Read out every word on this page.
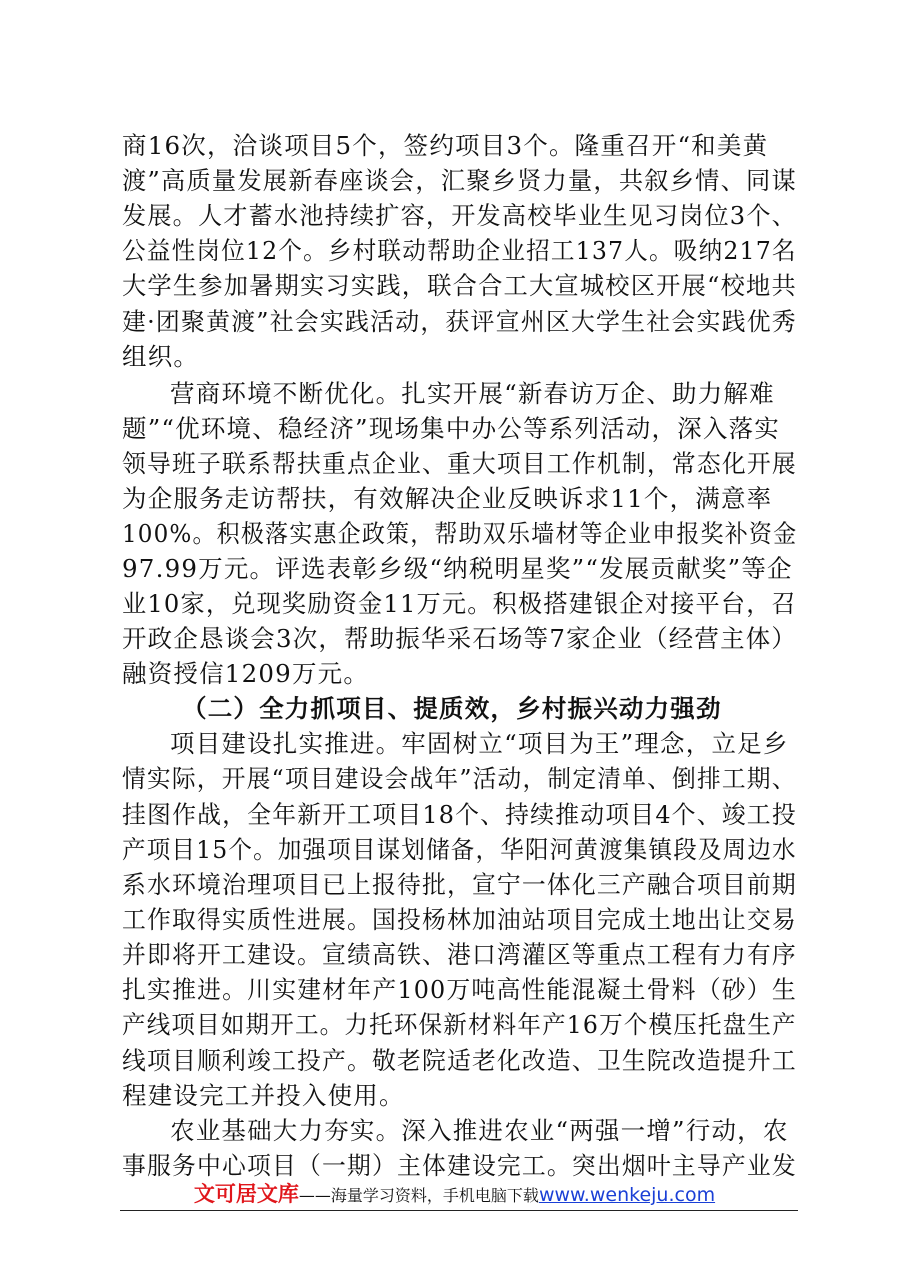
商16次，洽谈项目5个，签约项目3个。隆重召开“和美黄
渡”高质量发展新春座谈会，汇聚乡贤力量，共叙乡情、同谋
发展。人才蓄水池持续扩容，开发高校毕业生见习岗位3个、
公益性岗位12个。乡村联动帮助企业招工137人。吸纳217名
大学生参加暑期实习实践，联合合工大宣城校区开展“校地共
建·团聚黄渡”社会实践活动，获评宣州区大学生社会实践优秀
组织。
营商环境不断优化。扎实开展“新春访万企、助力解难
题”“优环境、稳经济”现场集中办公等系列活动，深入落实
领导班子联系帮扶重点企业、重大项目工作机制，常态化开展
为企服务走访帮扶，有效解决企业反映诉求11个，满意率
100%。积极落实惠企政策，帮助双乐墙材等企业申报奖补资金
97.99万元。评选表彰乡级“纳税明星奖”“发展贡献奖”等企
业10家，兑现奖励资金11万元。积极搭建银企对接平台，召
开政企恳谈会3次，帮助振华采石场等7家企业（经营主体）
融资授信1209万元。
（二）全力抓项目、提质效，乡村振兴动力强劲
项目建设扎实推进。牢固树立“项目为王”理念，立足乡
情实际，开展“项目建设会战年”活动，制定清单、倒排工期、
挂图作战，全年新开工项目18个、持续推动项目4个、竣工投
产项目15个。加强项目谋划储备，华阳河黄渡集镇段及周边水
系水环境治理项目已上报待批，宣宁一体化三产融合项目前期
工作取得实质性进展。国投杨林加油站项目完成土地出让交易
并即将开工建设。宣绩高铁、港口湾灌区等重点工程有力有序
扎实推进。川实建材年产100万吨高性能混凝土骨料（砂）生
产线项目如期开工。力托环保新材料年产16万个模压托盘生产
线项目顺利竣工投产。敬老院适老化改造、卫生院改造提升工
程建设完工并投入使用。
农业基础大力夯实。深入推进农业“两强一增”行动，农
事服务中心项目（一期）主体建设完工。突出烟叶主导产业发
文可居文库——海量学习资料，手机电脑下载www.wenkeju.com
